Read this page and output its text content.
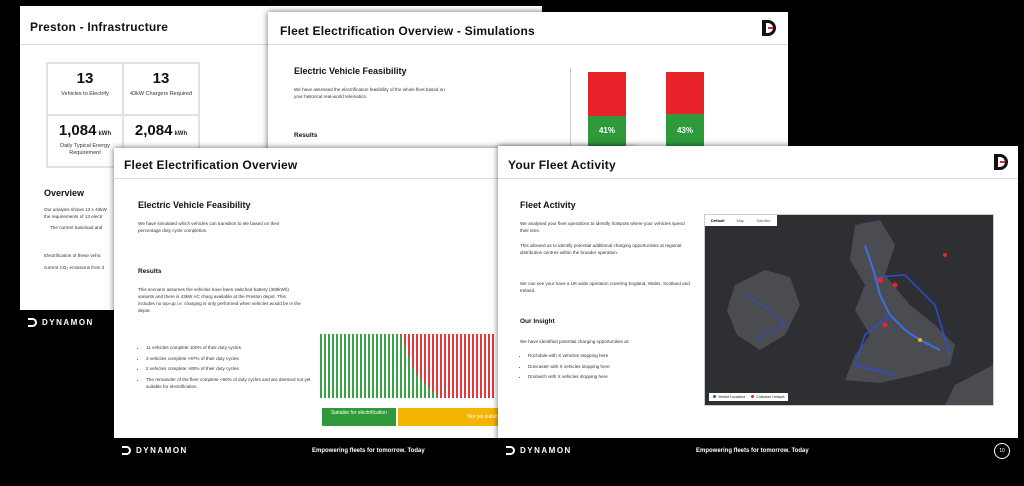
Preston - Infrastructure
13
Vehicles to Electrify
13
43kW Chargers Required
1,084 kWh
Daily Typical Energy Requirement
2,084 kWh
Overview
Our analysis shows 13 x 43kW
the requirements of 13 electr
The current baseload and
Electrification of these vehic
current CO₂ emissions from 3
DYNAMON
Fleet Electrification Overview - Simulations
Electric Vehicle Feasibility
We have assessed the electrification feasibility of the whole fleet based on your historical real-world telematics.
Results
41%	43%
Fleet Electrification Overview
Electric Vehicle Feasibility
We have simulated which vehicles can transition to ele based on their percentage duty cycle completion.
Results
This scenario assumes the vehicles have been switched battery (369kWh) variants and there is 43kW AC charg available at the Preston depot. This includes no top-up i.e. charging is only performed when vehicles would be in the depot.
• 11 vehicles complete 100% of their duty cycles
• 3 vehicles complete >97% of their duty cycles
• 2 vehicles complete >80% of their duty cycles
• The remainder of the fleet complete <60% of duty cycles and are deemed not yet suitable for electrification
Suitable for electrification
Not yet suitab
DYNAMON	Empowering fleets for tomorrow. Today
Your Fleet Activity
Fleet Activity
We analysed your fleet operations to identify hotspots where your vehicles spend their time.
This allowed us to identify potential additional charging opportunities at regional distribution centres within the broader operation.
We can see your have a UK-wide operation covering England, Wales, Scotland and Ireland.
Our Insight
We have identified potential charging opportunities at:
• Rochdale with X vehicles stopping here
• Doncaster with X vehicles stopping here
• Droitwich with X vehicles stopping here
Default	Map	Satellite
Vehicle Locations	Customer Hotspot
DYNAMON	Empowering fleets for tomorrow. Today	10
